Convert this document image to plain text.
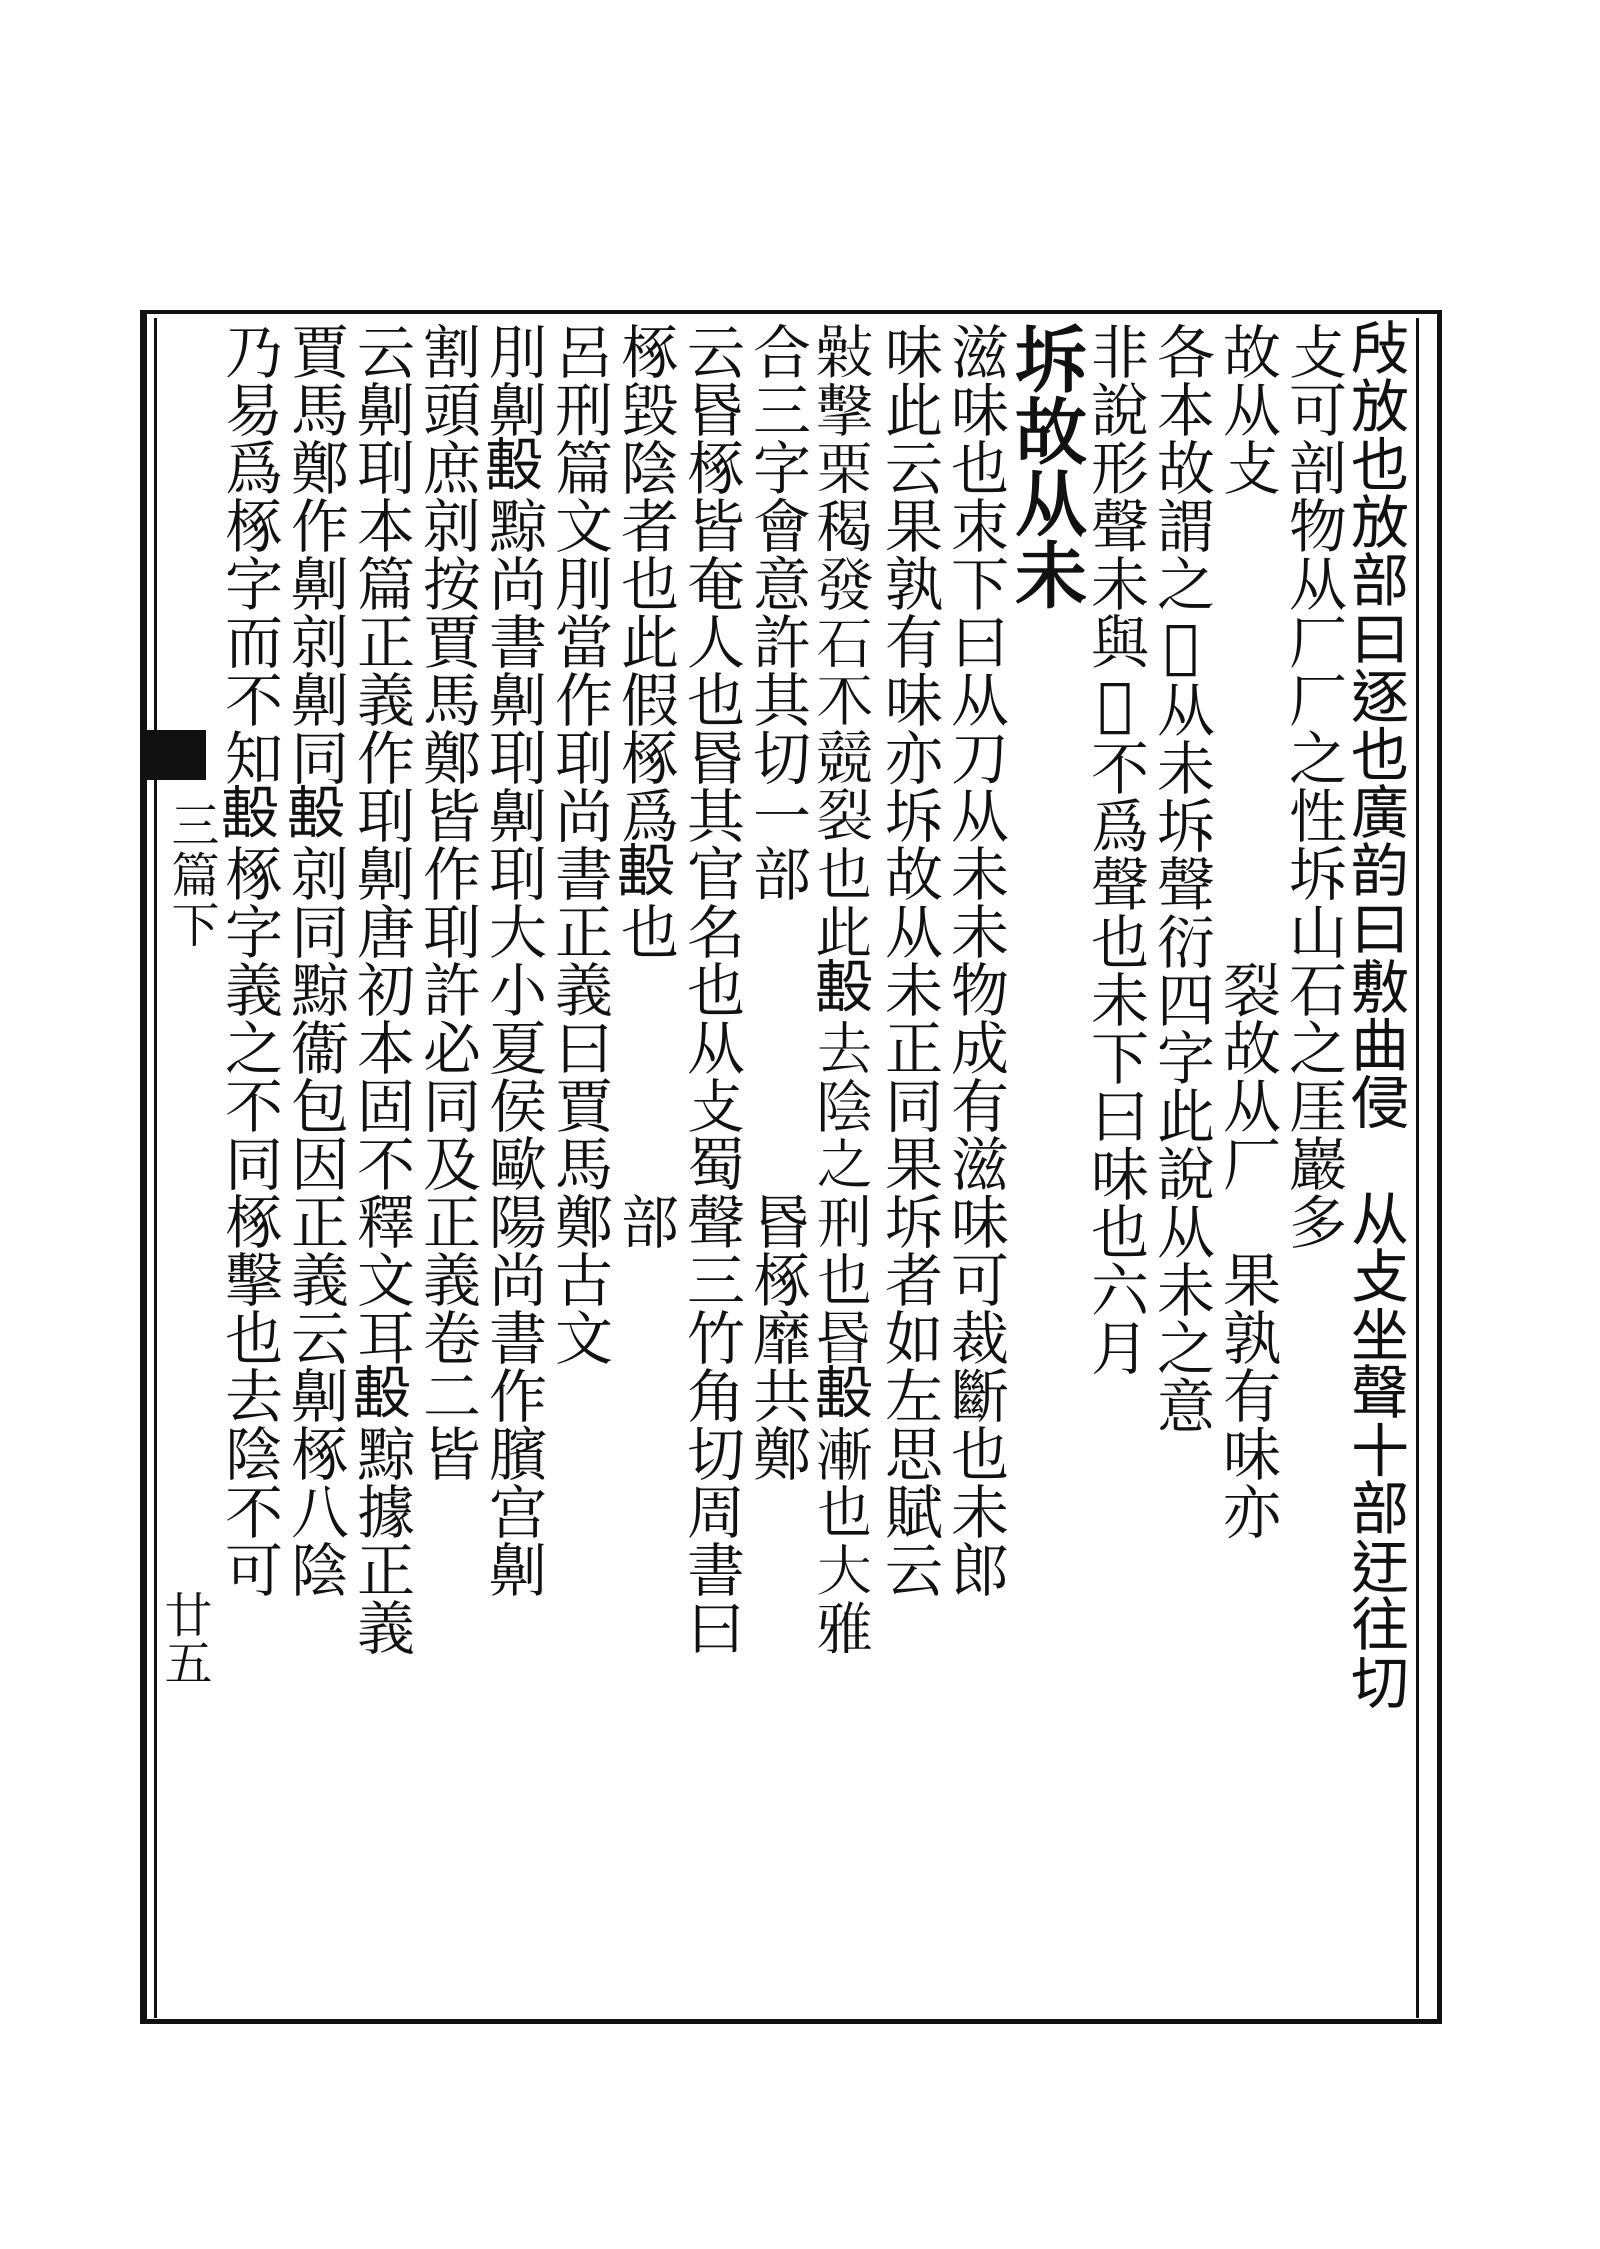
三篇下
廿五	𢻻放也放部曰逐也廣韵曰敷曲侵　从攴坐聲十部迂往切

攴可剖物从厂厂之性坼山石之厓巖多

故从攴　　　　　　　　裂故从厂　果孰有味亦

各本故謂之𡜏从未坼聲衍四字此說从未之意

非說形聲未與𡜏不爲聲也未下曰味也六月

坼故从未

滋味也朿下曰从刀从未未物成有滋味可裁斷也未郎

味此云果孰有味亦坼故从未正同果坼者如左思賦云

𢿾擊栗䅥發石𣎴競裂也此𣪠去陰之刑也昬𣪠漸也大雅

合三字會意許其切一部　　　　　昬椓靡共鄭

云昬椓皆奄人也昬其官名也从攴蜀聲三竹角切周書曰

椓毀陰者也此假椓爲𣪠也　　　　部

呂刑篇文刖當作刵尚書正義曰賈馬鄭古文

刖劓𣪠黥尚書劓刵劓刵大小夏侯歐陽尚書作臏宫劓

割頭庶剠按賈馬鄭皆作刵許必同及正義卷二皆

云劓刵本篇正義作刵劓唐初本固不釋文耳𣪠黥據正義

賈馬鄭作劓剠劓同𣪠剠同黥衞包因正義云劓椓八陰

乃易爲椓字而不知𣪠椓字義之不同椓擊也去陰不可
